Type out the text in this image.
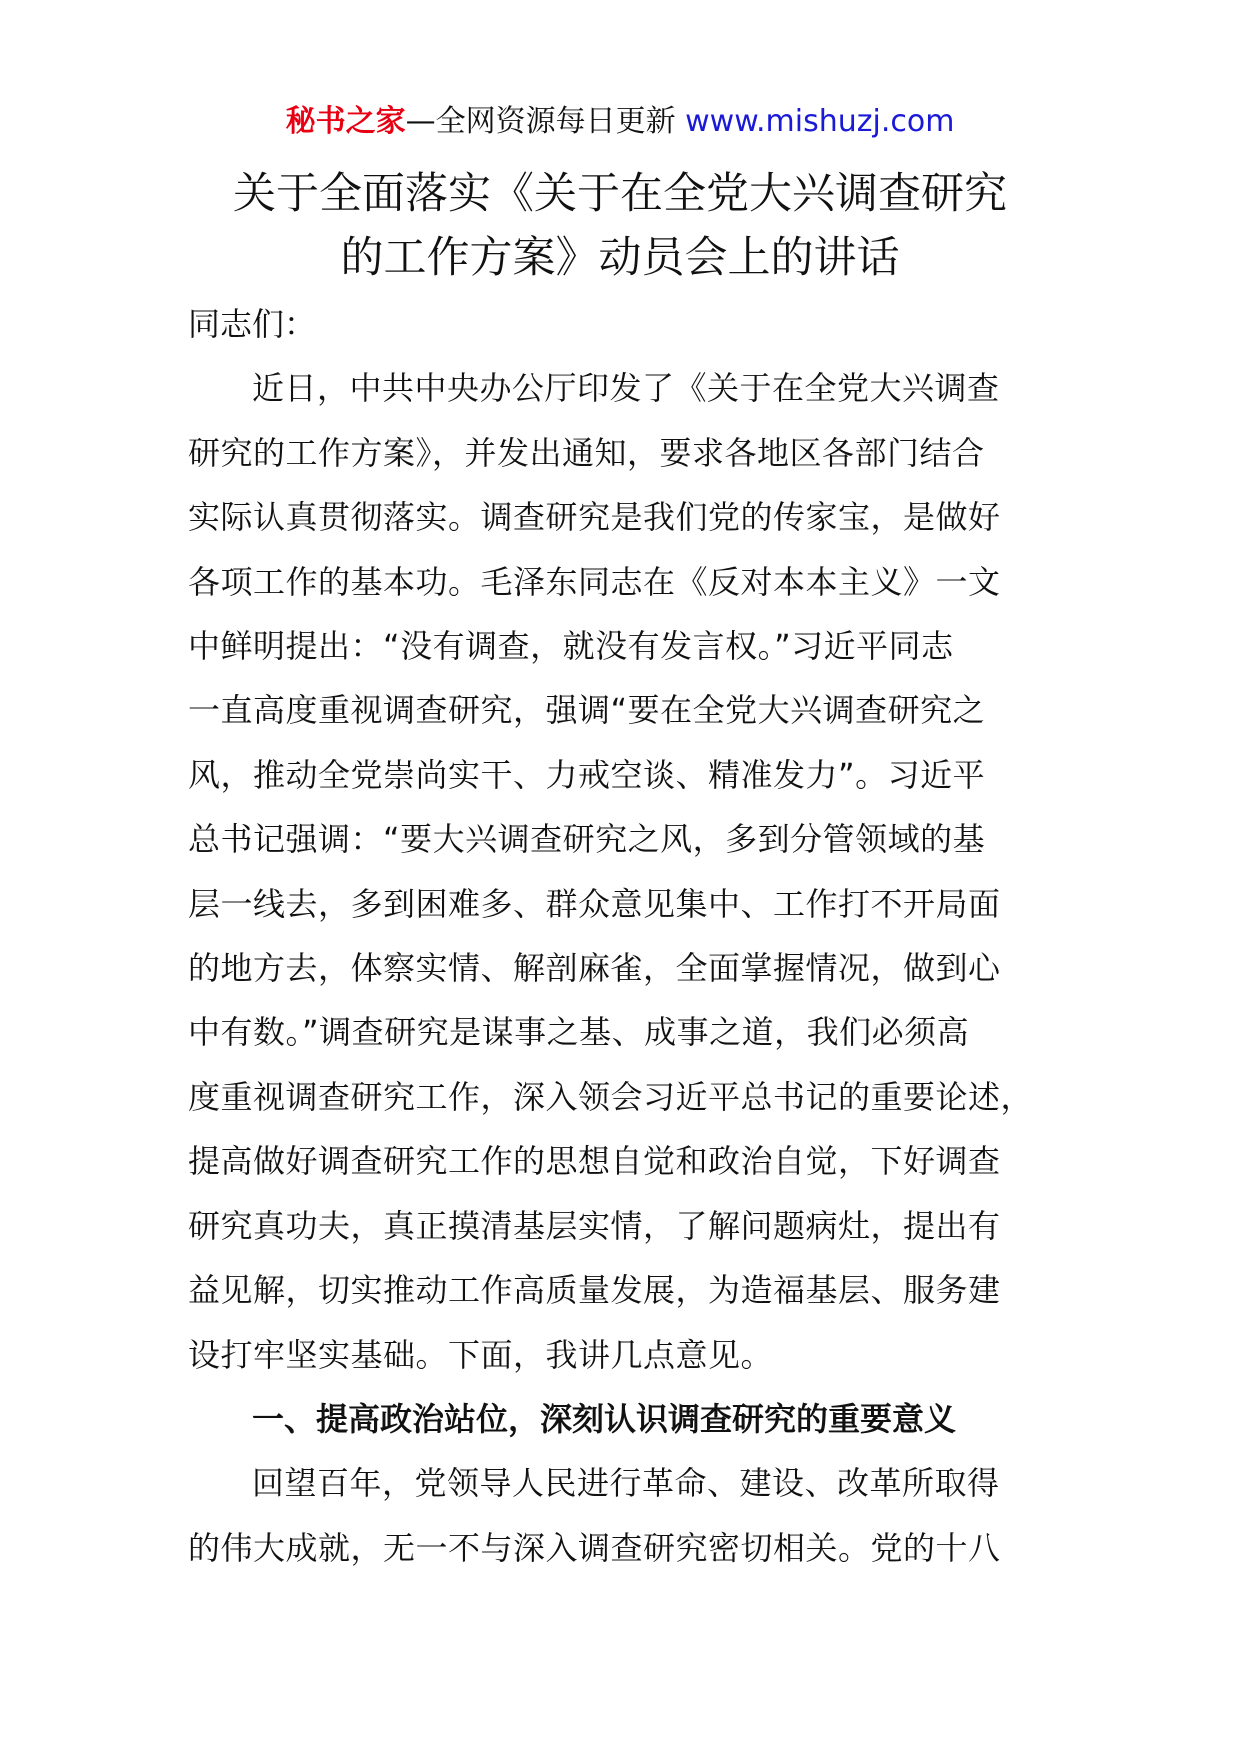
秘书之家—全网资源每日更新 www.mishuzj.com
关于全面落实《关于在全党大兴调查研究
的工作方案》动员会上的讲话

同志们：

近日，中共中央办公厅印发了《关于在全党大兴调查
研究的工作方案》，并发出通知，要求各地区各部门结合
实际认真贯彻落实。调查研究是我们党的传家宝，是做好
各项工作的基本功。毛泽东同志在《反对本本主义》一文
中鲜明提出：“没有调查，就没有发言权。”习近平同志
一直高度重视调查研究，强调“要在全党大兴调查研究之
风，推动全党崇尚实干、力戒空谈、精准发力”。习近平
总书记强调：“要大兴调查研究之风，多到分管领域的基
层一线去，多到困难多、群众意见集中、工作打不开局面
的地方去，体察实情、解剖麻雀，全面掌握情况，做到心
中有数。”调查研究是谋事之基、成事之道，我们必须高
度重视调查研究工作，深入领会习近平总书记的重要论述，
提高做好调查研究工作的思想自觉和政治自觉，下好调查
研究真功夫，真正摸清基层实情，了解问题病灶，提出有
益见解，切实推动工作高质量发展，为造福基层、服务建
设打牢坚实基础。下面，我讲几点意见。

一、提高政治站位，深刻认识调查研究的重要意义

回望百年，党领导人民进行革命、建设、改革所取得
的伟大成就，无一不与深入调查研究密切相关。党的十八
